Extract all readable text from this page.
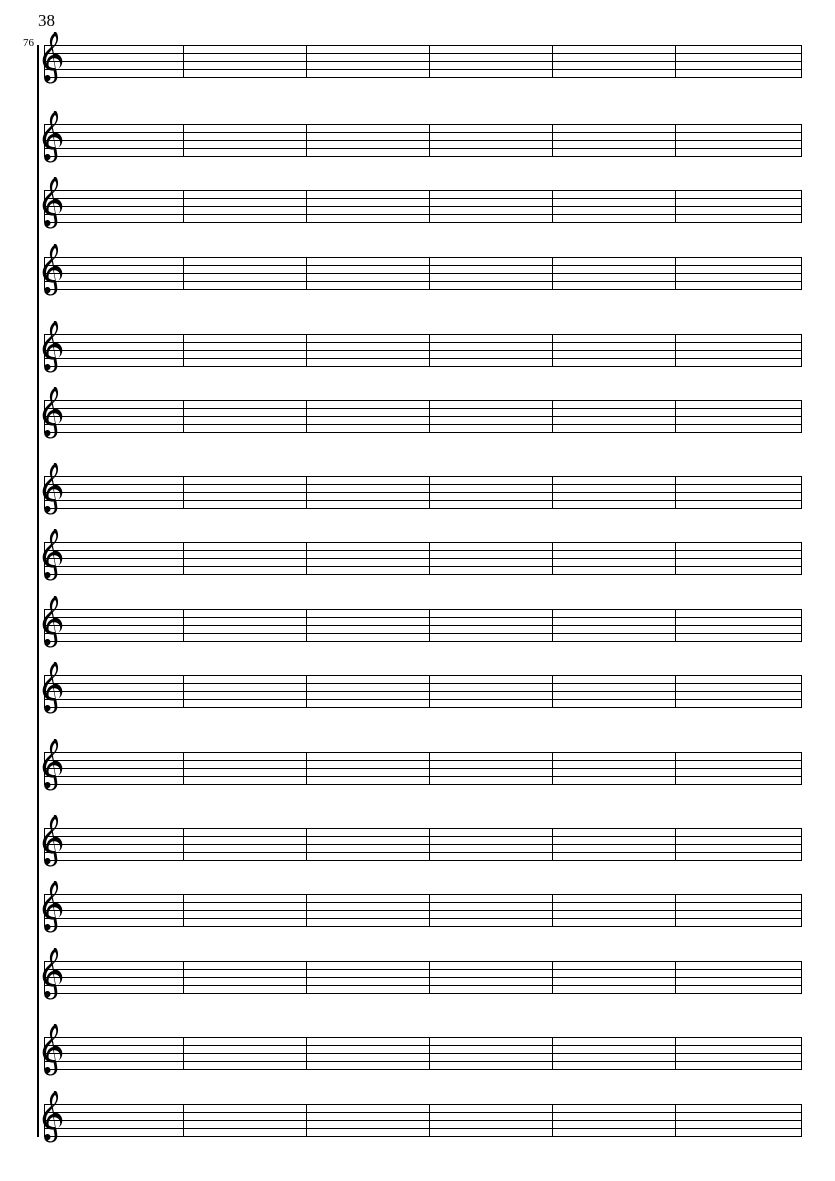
38
76
